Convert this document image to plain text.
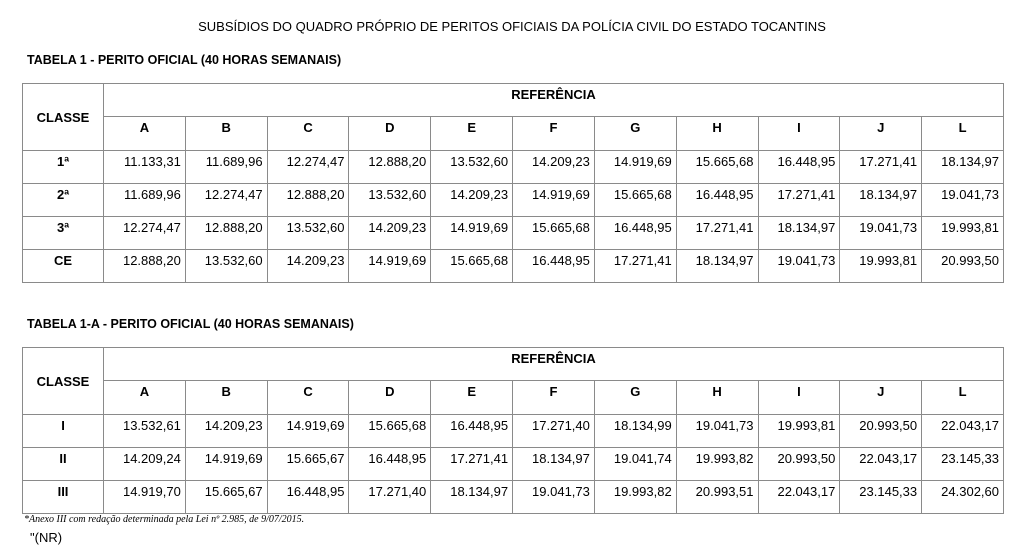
SUBSÍDIOS DO QUADRO PRÓPRIO DE PERITOS OFICIAIS DA POLÍCIA CIVIL DO ESTADO TOCANTINS
TABELA 1 - PERITO OFICIAL (40 HORAS SEMANAIS)
CLASSE	REFERÊNCIA										
	A	B	C	D	E	F	G	H	I	J	L
1ª	11.133,31	11.689,96	12.274,47	12.888,20	13.532,60	14.209,23	14.919,69	15.665,68	16.448,95	17.271,41	18.134,97
2ª	11.689,96	12.274,47	12.888,20	13.532,60	14.209,23	14.919,69	15.665,68	16.448,95	17.271,41	18.134,97	19.041,73
3ª	12.274,47	12.888,20	13.532,60	14.209,23	14.919,69	15.665,68	16.448,95	17.271,41	18.134,97	19.041,73	19.993,81
CE	12.888,20	13.532,60	14.209,23	14.919,69	15.665,68	16.448,95	17.271,41	18.134,97	19.041,73	19.993,81	20.993,50
TABELA 1-A - PERITO OFICIAL (40 HORAS SEMANAIS)
CLASSE	REFERÊNCIA										
	A	B	C	D	E	F	G	H	I	J	L
I	13.532,61	14.209,23	14.919,69	15.665,68	16.448,95	17.271,40	18.134,99	19.041,73	19.993,81	20.993,50	22.043,17
II	14.209,24	14.919,69	15.665,67	16.448,95	17.271,41	18.134,97	19.041,74	19.993,82	20.993,50	22.043,17	23.145,33
III	14.919,70	15.665,67	16.448,95	17.271,40	18.134,97	19.041,73	19.993,82	20.993,51	22.043,17	23.145,33	24.302,60
*Anexo III com redação determinada pela Lei nº 2.985, de 9/07/2015.
"(NR)
